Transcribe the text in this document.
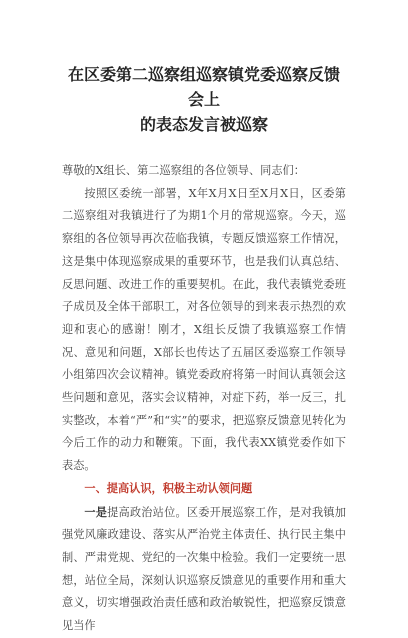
在区委第二巡察组巡察镇党委巡察反馈会上
的表态发言被巡察

尊敬的X组长、第二巡察组的各位领导、同志们：

按照区委统一部署，X年X月X日至X月X日，区委第二巡察组对我镇进行了为期1个月的常规巡察。今天，巡察组的各位领导再次莅临我镇，专题反馈巡察工作情况，这是集中体现巡察成果的重要环节，也是我们认真总结、反思问题、改进工作的重要契机。在此，我代表镇党委班子成员及全体干部职工，对各位领导的到来表示热烈的欢迎和衷心的感谢！刚才，X组长反馈了我镇巡察工作情况、意见和问题，X部长也传达了五届区委巡察工作领导小组第四次会议精神。镇党委政府将第一时间认真领会这些问题和意见，落实会议精神，对症下药，举一反三，扎实整改，本着“严”和“实”的要求，把巡察反馈意见转化为今后工作的动力和鞭策。下面，我代表XX镇党委作如下表态。

一、提高认识，积极主动认领问题

一是提高政治站位。区委开展巡察工作，是对我镇加强党风廉政建设、落实从严治党主体责任、执行民主集中制、严肃党规、党纪的一次集中检验。我们一定要统一思想，站位全局，深刻认识巡察反馈意见的重要作用和重大意义，切实增强政治责任感和政治敏锐性，把巡察反馈意见当作
